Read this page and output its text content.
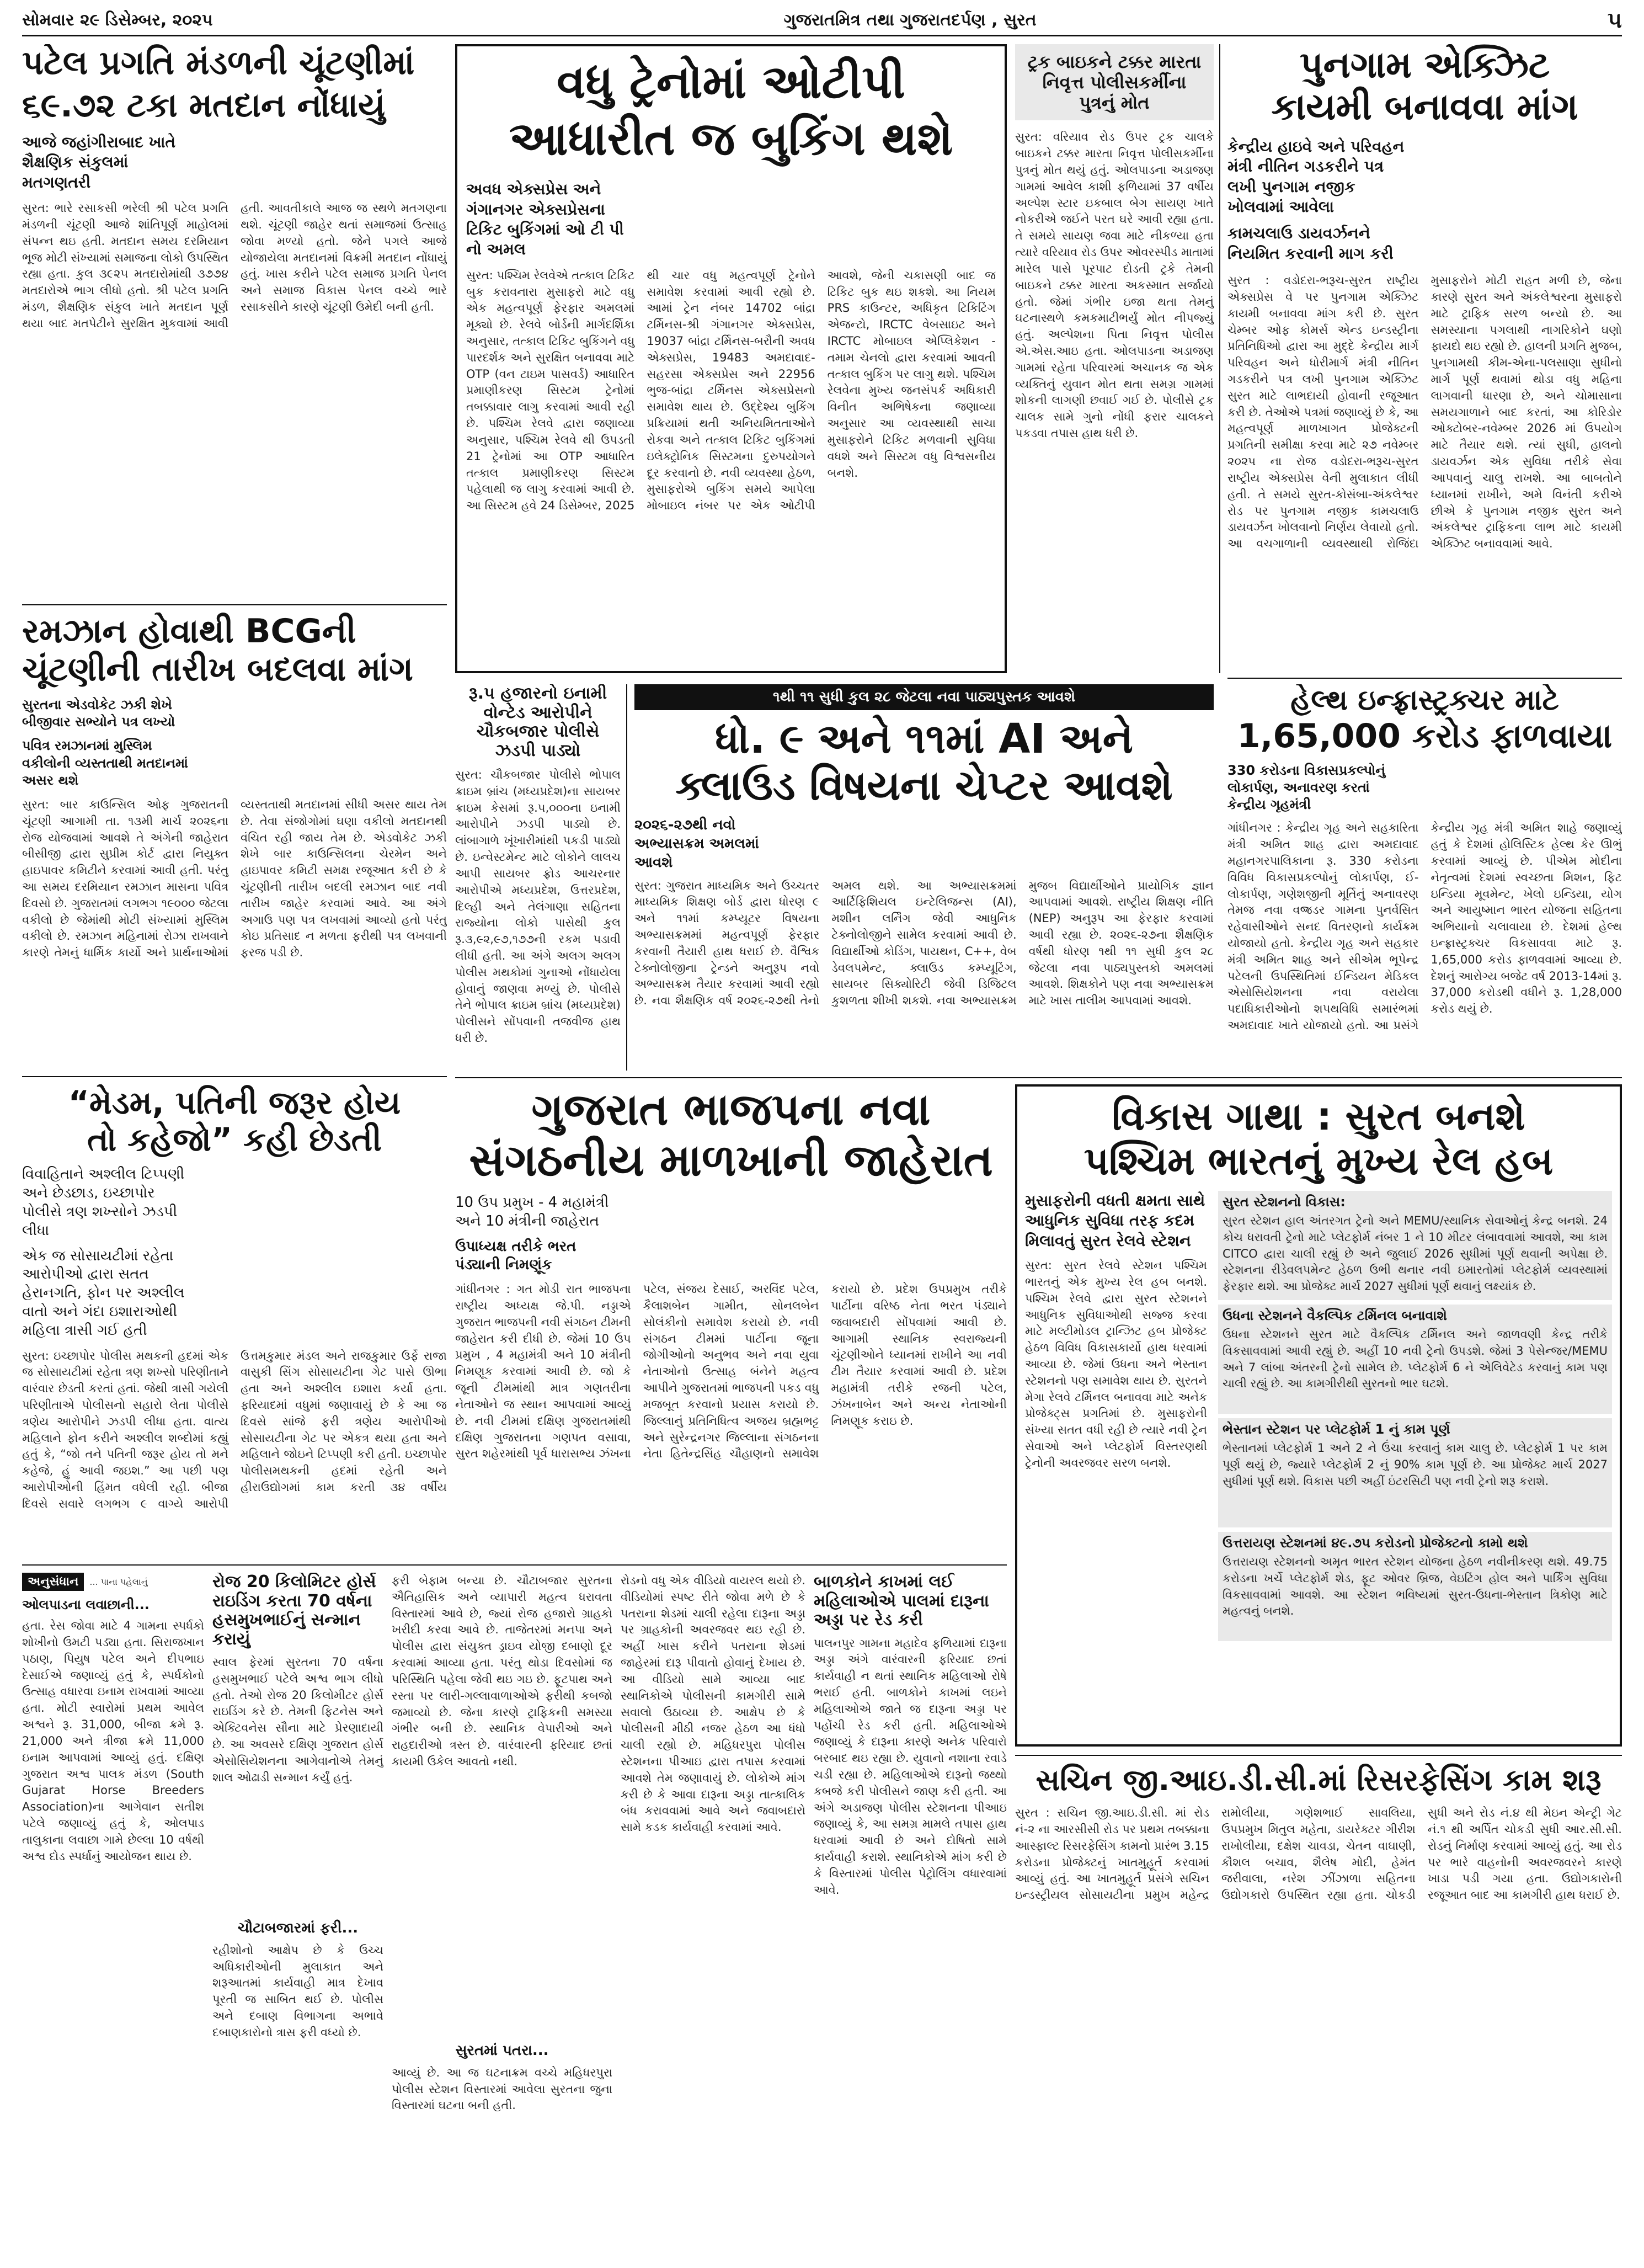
સોમવાર ૨૯ ડિસેમ્બર, ૨૦૨૫	ગુજરાતમિત્ર તથા ગુજરાતદર્પણ , સુરત	૫
પટેલ પ્રગતિ મંડળની ચૂંટણીમાં
૬૯.૭૨ ટકા મતદાન નોંધાયું
આજે જહાંગીરાબાદ ખાતે શૈક્ષણિક સંકુલમાં મતગણતરી
સુરત: ભારે રસાકસી ભરેલી શ્રી પટેલ પ્રગતિ મંડળની ચૂંટણી આજે શાંતિપૂર્ણ માહોલમાં સંપન્ન થઇ હતી. મતદાન સમય દરમિયાન ભૂજ મોટી સંખ્યામાં સમાજના લોકો ઉપસ્થિત રહ્યા હતા. કુલ ૩૯૨૫ મતદારોમાંથી ૩૭૭૪ મતદારોએ ભાગ લીધો હતો. શ્રી પટેલ પ્રગતિ મંડળ, શૈક્ષણિક સંકુલ ખાતે મતદાન પૂર્ણ થયા બાદ મતપેટીને સુરક્ષિત મુકવામાં આવી હતી. આવતીકાલે આજ જ સ્થળે મતગણના થશે. ચૂંટણી જાહેર થતાં સમાજમાં ઉત્સાહ જોવા મળ્યો હતો. જેને પગલે આજે યોજાયેલા મતદાનમાં વિક્રમી મતદાન નોંધાયું હતું. ખાસ કરીને પટેલ સમાજ પ્રગતિ પેનલ અને સમાજ વિકાસ પેનલ વચ્ચે ભારે રસાકસીને કારણે ચૂંટણી ઉમેદી બની હતી.
વધુ ટ્રેનોમાં ઓટીપી
આધારીત જ બુકિંગ થશે
અવધ એક્સપ્રેસ અને ગંગાનગર એક્સપ્રેસના ટિકિટ બુકિંગમાં ઓ ટી પી નો અમલ
સુરત: પશ્ચિમ રેલવેએ તત્કાલ ટિકિટ બુક કરાવનારા મુસાફરો માટે વધુ એક મહત્વપૂર્ણ ફેરફાર અમલમાં મૂક્યો છે. રેલવે બોર્ડની માર્ગદર્શિકા અનુસાર, તત્કાલ ટિકિટ બુકિંગને વધુ પારદર્શક અને સુરક્ષિત બનાવવા માટે OTP (વન ટાઇમ પાસવર્ડ) આધારિત પ્રમાણીકરણ સિસ્ટમ ટ્રેનોમાં તબક્કાવાર લાગુ કરવામાં આવી રહી છે. પશ્ચિમ રેલવે દ્વારા જણાવ્યા અનુસાર, પશ્ચિમ રેલવે થી ઉપડતી 21 ટ્રેનોમાં આ OTP આધારિત તત્કાલ પ્રમાણીકરણ સિસ્ટમ પહેલાથી જ લાગુ કરવામાં આવી છે. આ સિસ્ટમ હવે 24 ડિસેમ્બર, 2025 થી ચાર વધુ મહત્વપૂર્ણ ટ્રેનોને સમાવેશ કરવામાં આવી રહ્યો છે. આમાં ટ્રેન નંબર 14702 બાંદ્રા ટર્મિનસ-શ્રી ગંગાનગર એક્સપ્રેસ, 19037 બાંદ્રા ટર્મિનસ-બરૌની અવધ એક્સપ્રેસ, 19483 અમદાવાદ-સહરસા એક્સપ્રેસ અને 22956 ભુજ-બાંદ્રા ટર્મિનસ એક્સપ્રેસનો સમાવેશ થાય છે. ઉદ્દેશ્ય બુકિંગ પ્રક્રિયામાં થતી અનિયમિતતાઓને રોકવા અને તત્કાલ ટિકિટ બુકિંગમાં ઇલેક્ટ્રોનિક સિસ્ટમના દુરુપયોગને દૂર કરવાનો છે. નવી વ્યવસ્થા હેઠળ, મુસાફરોએ બુકિંગ સમયે આપેલા મોબાઇલ નંબર પર એક ઓટીપી આવશે, જેની ચકાસણી બાદ જ ટિકિટ બુક થઇ શકશે. આ નિયમ PRS કાઉન્ટર, અધિકૃત ટિકિટિંગ એજન્ટો, IRCTC વેબસાઇટ અને IRCTC મોબાઇલ એપ્લિકેશન - તમામ ચેનલો દ્વારા કરવામાં આવતી તત્કાલ બુકિંગ પર લાગુ થશે. પશ્ચિમ રેલવેના મુખ્ય જનસંપર્ક અધિકારી વિનીત અભિષેકના જણાવ્યા અનુસાર આ વ્યવસ્થાથી સાચા મુસાફરોને ટિકિટ મળવાની સુવિધા વધશે અને સિસ્ટમ વધુ વિશ્વસનીય બનશે.
ટ્રક બાઇકને ટક્કર મારતા નિવૃત્ત પોલીસકર્મીના પુત્રનું મોત
સુરત: વરિયાવ રોડ ઉપર ટ્રક ચાલકે બાઇકને ટક્કર મારતા નિવૃત્ત પોલીસકર્મીના પુત્રનું મોત થયું હતું. ઓલપાડના અડાજણ ગામમાં આવેલ કાશી ફળિયામાં 37 વર્ષીય અલ્પેશ સ્ટાર ઇકબાલ બેગ સાયણ ખાતે નોકરીએ જઈને પરત ઘરે આવી રહ્યા હતા. તે સમયે સાયણ જવા માટે નીકળ્યા હતા ત્યારે વરિયાવ રોડ ઉપર ઓવરસ્પીડ માતામાં મારેલ પાસે પૂરપાટ દોડતી ટ્રકે તેમની બાઇકને ટક્કર મારતા અકસ્માત સર્જાયો હતો. જેમાં ગંભીર ઇજા થતા તેમનું ઘટનાસ્થળે કમકમાટીભર્યું મોત નીપજ્યું હતું. અલ્પેશના પિતા નિવૃત્ત પોલીસ એ.એસ.આઇ હતા. ઓલપાડના અડાજણ ગામમાં રહેતા પરિવારમાં અચાનક જ એક વ્યક્તિનું યુવાન મોત થતા સમગ્ર ગામમાં શોકની લાગણી છવાઈ ગઈ છે. પોલીસે ટ્રક ચાલક સામે ગુનો નોંધી ફરાર ચાલકને પકડવા તપાસ હાથ ધરી છે.
પુનગામ એક્ઝિટ
કાયમી બનાવવા માંગ
કેન્દ્રીય હાઇવે અને પરિવહન મંત્રી નીતિન ગડકરીને પત્ર લખી પુનગામ નજીક ખોલવામાં આવેલા
કામચલાઉ ડાયવર્ઝનને નિયમિત કરવાની માગ કરી
સુરત : વડોદરા-ભરૂચ-સુરત રાષ્ટ્રીય એક્સપ્રેસ વે પર પુનગામ એક્ઝિટ કાયમી બનાવવા માંગ કરી છે. સુરત ચેમ્બર ઓફ કોમર્સ એન્ડ ઇન્ડસ્ટ્રીના પ્રતિનિધિઓ દ્વારા આ મુદ્દે કેન્દ્રીય માર્ગ પરિવહન અને ધોરીમાર્ગ મંત્રી નીતિન ગડકરીને પત્ર લખી પુનગામ એક્ઝિટ સુરત માટે લાભદાયી હોવાની રજૂઆત કરી છે. તેઓએ પત્રમાં જણાવ્યું છે કે, આ મહત્વપૂર્ણ માળખાગત પ્રોજેક્ટની પ્રગતિની સમીક્ષા કરવા માટે ૨૭ નવેમ્બર ૨૦૨૫ ના રોજ વડોદરા-ભરૂચ-સુરત રાષ્ટ્રીય એક્સપ્રેસ વેની મુલાકાત લીધી હતી. તે સમયે સુરત-કોસંબા-અંકલેશ્વર રોડ પર પુનગામ નજીક કામચલાઉ ડાયવર્ઝન ખોલવાનો નિર્ણય લેવાયો હતો. આ વચગાળાની વ્યવસ્થાથી રોજિંદા મુસાફરોને મોટી રાહત મળી છે, જેના કારણે સુરત અને અંકલેશ્વરના મુસાફરો માટે ટ્રાફિક સરળ બન્યો છે. આ સમસ્યાના પગલાથી નાગરિકોને ઘણો ફાયદો થઇ રહ્યો છે. હાલની પ્રગતિ મુજબ, પુનગામથી કીમ-એના-પલસાણા સુધીનો માર્ગ પૂર્ણ થવામાં થોડા વધુ મહિના લાગવાની ધારણા છે, અને ચોમાસાના સમયગાળાને બાદ કરતાં, આ કોરિડોર ઓક્ટોબર-નવેમ્બર 2026 માં ઉપયોગ માટે તૈયાર થશે. ત્યાં સુધી, હાલનો ડાયવર્ઝન એક સુવિધા તરીકે સેવા આપવાનું ચાલુ રાખશે. આ બાબતોને ધ્યાનમાં રાખીને, અમે વિનંતી કરીએ છીએ કે પુનગામ નજીક સુરત અને અંકલેશ્વર ટ્રાફિકના લાભ માટે કાયમી એક્ઝિટ બનાવવામાં આવે.
રમઝાન હોવાથી BCGની
ચૂંટણીની તારીખ બદલવા માંગ
સુરતના એડવોકેટ ઝકી શેખે બીજીવાર સભ્યોને પત્ર લખ્યો
પવિત્ર રમઝાનમાં મુસ્લિમ વકીલોની વ્યસ્તતાથી મતદાનમાં અસર થશે
સુરત: બાર કાઉન્સિલ ઓફ ગુજરાતની ચૂંટણી આગામી તા. ૧૩મી માર્ચ ૨૦૨૬ના રોજ યોજવામાં આવશે તે અંગેની જાહેરાત બીસીજી દ્વારા સુપ્રીમ કોર્ટ દ્વારા નિયુક્ત હાઇપાવર કમિટીને કરવામાં આવી હતી. પરંતુ આ સમય દરમિયાન રમઝાન માસના પવિત્ર દિવસો છે. ગુજરાતમાં લગભગ ૧૯૦૦૦ જેટલા વકીલો છે જેમાંથી મોટી સંખ્યામાં મુસ્લિમ વકીલો છે. રમઝાન મહિનામાં રોઝા રાખવાને કારણે તેમનું ધાર્મિક કાર્યો અને પ્રાર્થનાઓમાં વ્યસ્તતાથી મતદાનમાં સીધી અસર થાય તેમ છે. તેવા સંજોગોમાં ઘણા વકીલો મતદાનથી વંચિત રહી જાય તેમ છે. એડવોકેટ ઝકી શેખે બાર કાઉન્સિલના ચેરમેન અને હાઇપાવર કમિટી સમક્ષ રજૂઆત કરી છે કે ચૂંટણીની તારીખ બદલી રમઝાન બાદ નવી તારીખ જાહેર કરવામાં આવે. આ અંગે અગાઉ પણ પત્ર લખવામાં આવ્યો હતો પરંતુ કોઇ પ્રતિસાદ ન મળતા ફરીથી પત્ર લખવાની ફરજ પડી છે.
રૂ.૫ હજારનો ઇનામી વોન્ટેડ આરોપીને ચૌકબજાર પોલીસે ઝડપી પાડ્યો
સુરત: ચૌકબજાર પોલીસે ભોપાલ ક્રાઇમ બ્રાંચ (મધ્યપ્રદેશ)ના સાયબર ક્રાઇમ કેસમાં રૂ.૫,૦૦૦ના ઇનામી આરોપીને ઝડપી પાડ્યો છે. લાંબાગાળે ખૂંખારીમાંથી પકડી પાડ્યો છે. ઇન્વેસ્ટમેન્ટ માટે લોકોને લાલચ આપી સાયબર ફ્રોડ આચરનાર આરોપીએ મધ્યપ્રદેશ, ઉત્તરપ્રદેશ, દિલ્હી અને તેલંગાણા સહિતના રાજ્યોના લોકો પાસેથી કુલ રૂ.૩,૯૨,૯૭,૧૭૭ની રકમ પડાવી લીધી હતી. આ અંગે અલગ અલગ પોલીસ મથકોમાં ગુનાઓ નોંધાયેલા હોવાનું જાણવા મળ્યું છે. પોલીસે તેને ભોપાલ ક્રાઇમ બ્રાંચ (મધ્યપ્રદેશ) પોલીસને સોંપવાની તજવીજ હાથ ધરી છે.
૧થી ૧૧ સુધી કુલ ૨૮ જેટલા નવા પાઠ્યપુસ્તક આવશે
ધો. ૯ અને ૧૧માં AI અને
ક્લાઉડ વિષયના ચેપ્ટર આવશે
૨૦૨૬-૨૭થી નવો અભ્યાસક્રમ અમલમાં આવશે
સુરત: ગુજરાત માધ્યમિક અને ઉચ્ચતર માધ્યમિક શિક્ષણ બોર્ડ દ્વારા ધોરણ ૯ અને ૧૧માં કમ્પ્યૂટર વિષયના અભ્યાસક્રમમાં મહત્વપૂર્ણ ફેરફાર કરવાની તૈયારી હાથ ધરાઈ છે. વૈશ્વિક ટેક્નોલોજીના ટ્રેન્ડને અનુરૂપ નવો અભ્યાસક્રમ તૈયાર કરવામાં આવી રહ્યો છે. નવા શૈક્ષણિક વર્ષ ૨૦૨૬-૨૭થી તેનો અમલ થશે. આ અભ્યાસક્રમમાં આર્ટિફિશિયલ ઇન્ટેલિજન્સ (AI), મશીન લર્નિંગ જેવી આધુનિક ટેક્નોલોજીને સામેલ કરવામાં આવી છે. વિદ્યાર્થીઓ કોડિંગ, પાયથન, C++, વેબ ડેવલપમેન્ટ, ક્લાઉડ કમ્પ્યૂટિંગ, સાયબર સિક્યોરિટી જેવી ડિજિટલ કુશળતા શીખી શકશે. નવા અભ્યાસક્રમ મુજબ વિદ્યાર્થીઓને પ્રાયોગિક જ્ઞાન આપવામાં આવશે. રાષ્ટ્રીય શિક્ષણ નીતિ (NEP) અનુરૂપ આ ફેરફાર કરવામાં આવી રહ્યા છે. ૨૦૨૬-૨૭ના શૈક્ષણિક વર્ષથી ધોરણ ૧થી ૧૧ સુધી કુલ ૨૮ જેટલા નવા પાઠ્યપુસ્તકો અમલમાં આવશે. શિક્ષકોને પણ નવા અભ્યાસક્રમ માટે ખાસ તાલીમ આપવામાં આવશે.
હેલ્થ ઇન્ફ્રાસ્ટ્રક્ચર માટે
1,65,000 કરોડ ફાળવાયા
330 કરોડના વિકાસપ્રકલ્પોનું લોકાર્પણ, અનાવરણ કરતાં કેન્દ્રીય ગૃહમંત્રી
ગાંધીનગર : કેન્દ્રીય ગૃહ અને સહકારિતા મંત્રી અમિત શાહ દ્વારા અમદાવાદ મહાનગરપાલિકાના રૂ. 330 કરોડના વિવિધ વિકાસપ્રકલ્પોનું લોકાર્પણ, ઈ-લોકાર્પણ, ગણેશજીની મૂર્તિનું અનાવરણ તેમજ નવા વજ્રડર ગામના પુનર્વસિત રહેવાસીઓને સનદ વિતરણનો કાર્યક્રમ યોજાયો હતો. કેન્દ્રીય ગૃહ અને સહકાર મંત્રી અમિત શાહ અને સીએમ ભૂપેન્દ્ર પટેલની ઉપસ્થિતિમાં ઈન્ડિયન મેડિકલ એસોસિયેશનના નવા વરાયેલા પદાધિકારીઓનો શપથવિધિ સમારંભમાં અમદાવાદ ખાતે યોજાયો હતો. આ પ્રસંગે કેન્દ્રીય ગૃહ મંત્રી અમિત શાહે જણાવ્યું હતું કે દેશમાં હોલિસ્ટિક હેલ્થ કેર ઊભું કરવામાં આવ્યું છે. પીએમ મોદીના નેતૃત્વમાં દેશમાં સ્વચ્છતા મિશન, ફિટ ઇન્ડિયા મૂવમેન્ટ, ખેલો ઇન્ડિયા, યોગ અને આયુષ્માન ભારત યોજના સહિતના અભિયાનો ચલાવાયા છે. દેશમાં હેલ્થ ઇન્ફ્રાસ્ટ્રક્ચર વિકસાવવા માટે રૂ. 1,65,000 કરોડ ફાળવવામાં આવ્યા છે. દેશનું આરોગ્ય બજેટ વર્ષ 2013-14માં રૂ. 37,000 કરોડથી વધીને રૂ. 1,28,000 કરોડ થયું છે.
“મેડમ, પતિની જરૂર હોય
તો કહેજો” કહી છેડતી
વિવાહિતાને અશ્લીલ ટિપ્પણી અને છેડછાડ, ઇચ્છાપોર પોલીસે ત્રણ શખ્સોને ઝડપી લીધા
એક જ સોસાયટીમાં રહેતા આરોપીઓ દ્વારા સતત હેરાનગતિ, ફોન પર અશ્લીલ વાતો અને ગંદા ઇશારાઓથી મહિલા ત્રાસી ગઈ હતી
સુરત: ઇચ્છાપોર પોલીસ મથકની હદમાં એક જ સોસાયટીમાં રહેતા ત્રણ શખ્સો પરિણીતાને વારંવાર છેડતી કરતાં હતાં. જેથી ત્રાસી ગયેલી પરિણીતાએ પોલીસનો સહારો લેતા પોલીસે ત્રણેય આરોપીને ઝડપી લીધા હતા. વાત્ય મહિલાને ફોન કરીને અશ્લીલ શબ્દોમાં કહ્યું હતું કે, “જો તને પતિની જરૂર હોય તો મને કહેજે, હું આવી જઇશ.” આ પછી પણ આરોપીઓની હિંમત વધેલી રહી. બીજા દિવસે સવારે લગભગ ૯ વાગ્યે આરોપી ઉત્તમકુમાર મંડલ અને રાજકુમાર ઉર્ફે રાજા વાસુકી સિંગ સોસાયટીના ગેટ પાસે ઊભા હતા અને અશ્લીલ ઇશારા કર્યા હતા. ફરિયાદમાં વધુમાં જણાવાયું છે કે આ જ દિવસે સાંજે ફરી ત્રણેય આરોપીઓ સોસાયટીના ગેટ પર એકત્ર થયા હતા અને મહિલાને જોઇને ટિપ્પણી કરી હતી. ઇચ્છાપોર પોલીસમથકની હદમાં રહેતી અને હીરાઉદ્યોગમાં કામ કરતી ૩૪ વર્ષીય
ગુજરાત ભાજપના નવા
સંગઠનીય માળખાની જાહેરાત
10 ઉપ પ્રમુખ - 4 મહામંત્રી અને 10 મંત્રીની જાહેરાત
ઉપાધ્યક્ષ તરીકે ભરત પંડ્યાની નિમણૂંક
ગાંધીનગર : ગત મોડી રાત ભાજપના રાષ્ટ્રીય અધ્યક્ષ જે.પી. નડ્ડાએ ગુજરાત ભાજપની નવી સંગઠન ટીમની જાહેરાત કરી દીધી છે. જેમાં 10 ઉપ પ્રમુખ , 4 મહામંત્રી અને 10 મંત્રીની નિમણૂક કરવામાં આવી છે. જો કે જૂની ટીમમાંથી માત્ર ગણતરીના નેતાઓને જ સ્થાન આપવામાં આવ્યું છે. નવી ટીમમાં દક્ષિણ ગુજરાતમાંથી દક્ષિણ ગુજરાતના ગણપત વસાવા, સુરત શહેરમાંથી પૂર્વ ધારાસભ્ય ઝંખના પટેલ, સંજય દેસાઈ, અરવિંદ પટેલ, કૈલાશબેન ગામીત, સોનલબેન સોલંકીનો સમાવેશ કરાયો છે. નવી સંગઠન ટીમમાં પાર્ટીના જૂના જોગીઓનો અનુભવ અને નવા યુવા નેતાઓનો ઉત્સાહ બંનેને મહત્વ આપીને ગુજરાતમાં ભાજપની પકડ વધુ મજબૂત કરવાનો પ્રયાસ કરાયો છે. જિલ્લાનું પ્રતિનિધિત્વ અજય બ્રહ્મભટ્ટ અને સુરેન્દ્રનગર જિલ્લાના સંગઠનના નેતા હિતેન્દ્રસિંહ ચૌહાણનો સમાવેશ કરાયો છે. પ્રદેશ ઉપપ્રમુખ તરીકે પાર્ટીના વરિષ્ઠ નેતા ભરત પંડ્યાને જવાબદારી સોંપવામાં આવી છે. આગામી સ્થાનિક સ્વરાજ્યની ચૂંટણીઓને ધ્યાનમાં રાખીને આ નવી ટીમ તૈયાર કરવામાં આવી છે. પ્રદેશ મહામંત્રી તરીકે રજની પટેલ, ઝંખનાબેન અને અન્ય નેતાઓની નિમણૂક કરાઇ છે.
વિકાસ ગાથા : સુરત બનશે
પશ્ચિમ ભારતનું મુખ્ય રેલ હબ
મુસાફરોની વધતી ક્ષમતા સાથે આધુનિક સુવિધા તરફ કદમ મિલાવતું સુરત રેલવે સ્ટેશન
સુરત: સુરત રેલવે સ્ટેશન પશ્ચિમ ભારતનું એક મુખ્ય રેલ હબ બનશે. પશ્ચિમ રેલવે દ્વારા સુરત સ્ટેશનને આધુનિક સુવિધાઓથી સજ્જ કરવા માટે મલ્ટીમોડલ ટ્રાન્ઝિટ હબ પ્રોજેક્ટ હેઠળ વિવિધ વિકાસકાર્યો હાથ ધરવામાં આવ્યા છે. જેમાં ઉધના અને ભેસ્તાન સ્ટેશનનો પણ સમાવેશ થાય છે. સુરતને મેગા રેલવે ટર્મિનલ બનાવવા માટે અનેક પ્રોજેક્ટ્સ પ્રગતિમાં છે. મુસાફરોની સંખ્યા સતત વધી રહી છે ત્યારે નવી ટ્રેન સેવાઓ અને પ્લેટફોર્મ વિસ્તરણથી ટ્રેનોની અવરજવર સરળ બનશે.
સુરત સ્ટેશનનો વિકાસ:
સુરત સ્ટેશન હાલ અંતરગત ટ્રેનો અને MEMU/સ્થાનિક સેવાઓનું કેન્દ્ર બનશે. 24 કોચ ધરાવતી ટ્રેનો માટે પ્લેટફોર્મ નંબર 1 ને 10 મીટર લંબાવવામાં આવશે, આ કામ CITCO દ્વારા ચાલી રહ્યું છે અને જુલાઈ 2026 સુધીમાં પૂર્ણ થવાની અપેક્ષા છે. સ્ટેશનના રીડેવલપમેન્ટ હેઠળ ઉભી થનાર નવી ઇમારતોમાં પ્લેટફોર્મ વ્યવસ્થામાં ફેરફાર થશે. આ પ્રોજેક્ટ માર્ચ 2027 સુધીમાં પૂર્ણ થવાનું લક્ષ્યાંક છે.
ઉધના સ્ટેશનને વૈકલ્પિક ટર્મિનલ બનાવાશે
ઉધના સ્ટેશનને સુરત માટે વૈકલ્પિક ટર્મિનલ અને જાળવણી કેન્દ્ર તરીકે વિકસાવવામાં આવી રહ્યું છે. અહીં 10 નવી ટ્રેનો ઉપડશે. જેમાં 3 પેસેન્જર/MEMU અને 7 લાંબા અંતરની ટ્રેનો સામેલ છે. પ્લેટફોર્મ 6 ને એલિવેટેડ કરવાનું કામ પણ ચાલી રહ્યું છે. આ કામગીરીથી સુરતનો ભાર ઘટશે.
ભેસ્તાન સ્ટેશન પર પ્લેટફોર્મ 1 નું કામ પૂર્ણ
ભેસ્તાનમાં પ્લેટફોર્મ 1 અને 2 ને ઉંચા કરવાનું કામ ચાલુ છે. પ્લેટફોર્મ 1 પર કામ પૂર્ણ થયું છે, જ્યારે પ્લેટફોર્મ 2 નું 90% કામ પૂર્ણ છે. આ પ્રોજેક્ટ માર્ચ 2027 સુધીમાં પૂર્ણ થશે. વિકાસ પછી અહીં ઇંટરસિટી પણ નવી ટ્રેનો શરૂ કરાશે.
ઉત્તરાયણ સ્ટેશનમાં ૪૯.૭૫ કરોડનો પ્રોજેક્ટનો કામો થશે
ઉત્તરાયણ સ્ટેશનનો અમૃત ભારત સ્ટેશન યોજના હેઠળ નવીનીકરણ થશે. 49.75 કરોડના ખર્ચે પ્લેટફોર્મ શેડ, ફૂટ ઓવર બ્રિજ, વેઇટિંગ હોલ અને પાર્કિંગ સુવિધા વિકસાવવામાં આવશે. આ સ્ટેશન ભવિષ્યમાં સુરત-ઉધના-ભેસ્તાન ત્રિકોણ માટે મહત્વનું બનશે.
અનુસંધાન	... પાના પહેલાનું
ઓલપાડના લવાછાની...
હતા. રેસ જોવા માટે 4 ગામના સ્પર્ધકો શોખીનો ઉમટી પડ્યા હતા. સિરાજખાન પઠાણ, પિયુષ પટેલ અને દીપભાઇ દેસાઈએ જણાવ્યું હતું કે, સ્પર્ધકોનો ઉત્સાહ વધારવા ઇનામ રાખવામાં આવ્યા હતા. મોટી સ્વારોમાં પ્રથમ આવેલ અશ્વને રૂ. 31,000, બીજા ક્રમે રૂ. 21,000 અને ત્રીજા ક્રમે 11,000 ઇનામ આપવામાં આવ્યું હતું. દક્ષિણ ગુજરાત અશ્વ પાલક મંડળ (South Gujarat Horse Breeders Association)ના આગેવાન સતીશ પટેલે જણાવ્યું હતું કે, ઓલપાડ તાલુકાના લવાછા ગામે છેલ્લા 10 વર્ષથી અશ્વ દોડ સ્પર્ધાનું આયોજન થાય છે.
રોજ 20 કિલોમિટર હોર્સ રાઇડિંગ કરતા 70 વર્ષના હસમુખભાઈનું સન્માન કરાયું
સ્વાલ ફેરમાં સુરતના 70 વર્ષના હસમુખભાઈ પટેલે અશ્વ ભાગ લીધો હતો. તેઓ રોજ 20 કિલોમીટર હોર્સ રાઇડિંગ કરે છે. તેમની ફિટનેસ અને એક્ટિવનેસ સૌના માટે પ્રેરણાદાયી છે. આ અવસરે દક્ષિણ ગુજરાત હોર્સ એસોસિયેશનના આગેવાનોએ તેમનું શાલ ઓઢાડી સન્માન કર્યું હતું.
ચૌટાબજારમાં ફરી...
રહીશોનો આક્ષેપ છે કે ઉચ્ચ અધિકારીઓની મુલાકાત અને શરૂઆતમાં કાર્યવાહી માત્ર દેખાવ પૂરતી જ સાબિત થઈ છે. પોલીસ અને દબાણ વિભાગના અભાવે દબાણકારોનો ત્રાસ ફરી વધ્યો છે.
ફરી બેફામ બન્યા છે. ચૌટાબજાર સુરતના ઐતિહાસિક અને વ્યાપારી મહત્વ ધરાવતા વિસ્તારમાં આવે છે, જ્યાં રોજ હજારો ગ્રાહકો ખરીદી કરવા આવે છે. તાજેતરમાં મનપા અને પોલીસ દ્વારા સંયુક્ત ડ્રાઇવ યોજી દબાણો દૂર કરવામાં આવ્યા હતા. પરંતુ થોડા દિવસોમાં જ પરિસ્થિતિ પહેલા જેવી થઇ ગઇ છે. ફૂટપાથ અને રસ્તા પર લારી-ગલ્લાવાળાઓએ ફરીથી કબજો જમાવ્યો છે. જેના કારણે ટ્રાફિકની સમસ્યા ગંભીર બની છે. સ્થાનિક વેપારીઓ અને રાહદારીઓ ત્રસ્ત છે. વારંવારની ફરિયાદ છતાં કાયમી ઉકેલ આવતો નથી.
સુરતમાં પતરા...
આવ્યું છે. આ જ ઘટનાક્રમ વચ્ચે મહિધરપુરા પોલીસ સ્ટેશન વિસ્તારમાં આવેલા સુરતના જુના વિસ્તારમાં ઘટના બની હતી.
રોડનો વધુ એક વીડિયો વાયરલ થયો છે. વીડિયોમાં સ્પષ્ટ રીતે જોવા મળે છે કે પતરાના શેડમાં ચાલી રહેલા દારૂના અડ્ડા પર ગ્રાહકોની અવરજવર થઇ રહી છે. અહીં ખાસ કરીને પતરાના શેડમાં જાહેરમાં દારૂ પીવાતો હોવાનું દેખાય છે. આ વીડિયો સામે આવ્યા બાદ સ્થાનિકોએ પોલીસની કામગીરી સામે સવાલો ઉઠાવ્યા છે. આક્ષેપ છે કે પોલીસની મીઠી નજર હેઠળ આ ધંધો ચાલી રહ્યો છે. મહિધરપુરા પોલીસ સ્ટેશનના પીઆઇ દ્વારા તપાસ કરવામાં આવશે તેમ જણાવાયું છે. લોકોએ માંગ કરી છે કે આવા દારૂના અડ્ડા તાત્કાલિક બંધ કરાવવામાં આવે અને જવાબદારો સામે કડક કાર્યવાહી કરવામાં આવે.
બાળકોને કાખમાં લઈ મહિલાઓએ પાલમાં દારૂના અડ્ડા પર રેડ કરી
પાલનપુર ગામના મહાદેવ ફળિયામાં દારૂના અડ્ડા અંગે વારંવારની ફરિયાદ છતાં કાર્યવાહી ન થતાં સ્થાનિક મહિલાઓ રોષે ભરાઈ હતી. બાળકોને કાખમાં લઇને મહિલાઓએ જાતે જ દારૂના અડ્ડા પર પહોંચી રેડ કરી હતી. મહિલાઓએ જણાવ્યું કે દારૂના કારણે અનેક પરિવારો બરબાદ થઇ રહ્યા છે. યુવાનો નશાના રવાડે ચડી રહ્યા છે. મહિલાઓએ દારૂનો જથ્થો કબજે કરી પોલીસને જાણ કરી હતી. આ અંગે અડાજણ પોલીસ સ્ટેશનના પીઆઇ જણાવ્યું કે, આ સમગ્ર મામલે તપાસ હાથ ધરવામાં આવી છે અને દોષિતો સામે કાર્યવાહી કરાશે. સ્થાનિકોએ માંગ કરી છે કે વિસ્તારમાં પોલીસ પેટ્રોલિંગ વધારવામાં આવે.
સચિન જી.આઇ.ડી.સી.માં રિસરફેસિંગ કામ શરૂ
સુરત : સચિન જી.આઇ.ડી.સી. માં રોડ નં-૨ ના આરસીસી રોડ પર પ્રથમ તબક્કાના આસ્ફાલ્ટ રિસરફેસિંગ કામનો પ્રારંભ 3.15 કરોડના પ્રોજેક્ટનું ખાતમુહૂર્ત કરવામાં આવ્યું હતું. આ ખાતમુહૂર્ત પ્રસંગે સચિન ઇન્ડસ્ટ્રીયલ સોસાયટીના પ્રમુખ મહેન્દ્ર રામોલીયા, ગણેશભાઈ સાવલિયા, ઉપપ્રમુખ મિતુલ મહેતા, ડાયરેક્ટર ગીરીશ રાખોલીયા, દક્ષેશ ચાવડા, ચેતન વાઘાણી, કૌશલ બચાવ, શૈલેષ મોદી, હેમંત જરીવાલા, નરેશ ઝીંઝાળા સહિતના ઉદ્યોગકારો ઉપસ્થિત રહ્યા હતા. ચોકડી સુધી અને રોડ નં.૪ થી મેઇન એન્ટ્રી ગેટ નં.૧ થી અર્પિત ચોકડી સુધી આર.સી.સી. રોડનું નિર્માણ કરવામાં આવ્યું હતું. આ રોડ પર ભારે વાહનોની અવરજવરને કારણે ખાડા પડી ગયા હતા. ઉદ્યોગકારોની રજૂઆત બાદ આ કામગીરી હાથ ધરાઈ છે.
